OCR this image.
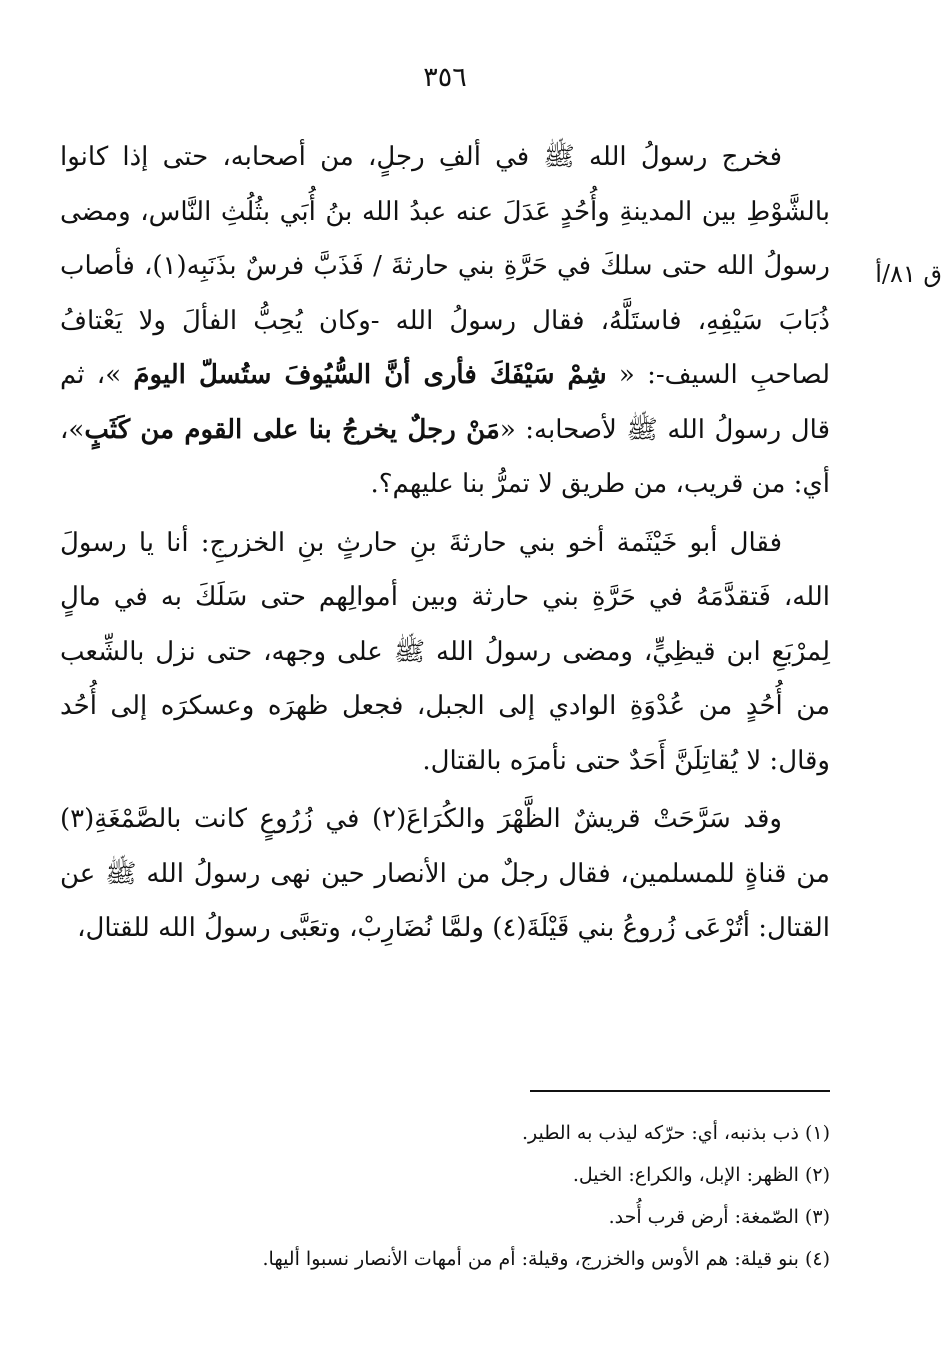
٣٥٦
ق ٨١/أ

فخرج رسولُ الله ﷺ في ألفِ رجلٍ، من أصحابه، حتى إذا كانوا بالشَّوْطِ بين المدينةِ وأُحُدٍ عَدَلَ عنه عبدُ الله بنُ أُبَي بثُلُثِ النَّاس، ومضى رسولُ الله حتى سلكَ في حَرَّةِ بني حارثةَ / فَذَبَّ فرسٌ بذَنَبِه(١)، فأصاب ذُبَابَ سَيْفِهِ، فاستَلَّهُ، فقال رسولُ الله -وكان يُحِبُّ الفألَ ولا يَعْتافُ لصاحبِ السيف-: « شِمْ سَيْفَكَ فأرى أنَّ السُّيُوفَ ستُسلّ اليومَ »، ثم قال رسولُ الله ﷺ لأصحابه: «مَنْ رجلٌ يخرجُ بنا على القوم من كَثَبٍ»، أي: من قريب، من طريق لا تمرُّ بنا عليهم؟.

فقال أبو خَيْثَمة أخو بني حارثةَ بنِ حارثٍ بنِ الخزرجِ: أنا يا رسولَ الله، فَتقدَّمَهُ في حَرَّةِ بني حارثة وبين أموالِهم حتى سَلَكَ به في مالٍ لِمرْبَعِ ابن قيظِيٍّ، ومضى رسولُ الله ﷺ على وجهه، حتى نزل بالشِّعب من أُحُدٍ من عُدْوَةِ الوادي إلى الجبل، فجعل ظهرَه وعسكرَه إلى أُحُد وقال: لا يُقاتِلَنَّ أَحَدٌ حتى نأمرَه بالقتال.

وقد سَرَّحَتْ قريشٌ الظَّهْرَ والكُرَاعَ(٢) في زُرُوعٍ كانت بالصَّمْغَةِ(٣) من قناةٍ للمسلمين، فقال رجلٌ من الأنصار حين نهى رسولُ الله ﷺ عن القتال: أتُرْعَى زُروعُ بني قَيْلَةَ(٤) ولمَّا نُضَارِبْ، وتعَبَّى رسولُ الله للقتال،

(١) ذب بذنبه، أي: حرّكه ليذب به الطير.

(٢) الظهر: الإبل، والكراع: الخيل.

(٣) الصّمغة: أرض قرب أُحد.

(٤) بنو قيلة: هم الأوس والخزرج، وقيلة: أم من أمهات الأنصار نسبوا أليها.
